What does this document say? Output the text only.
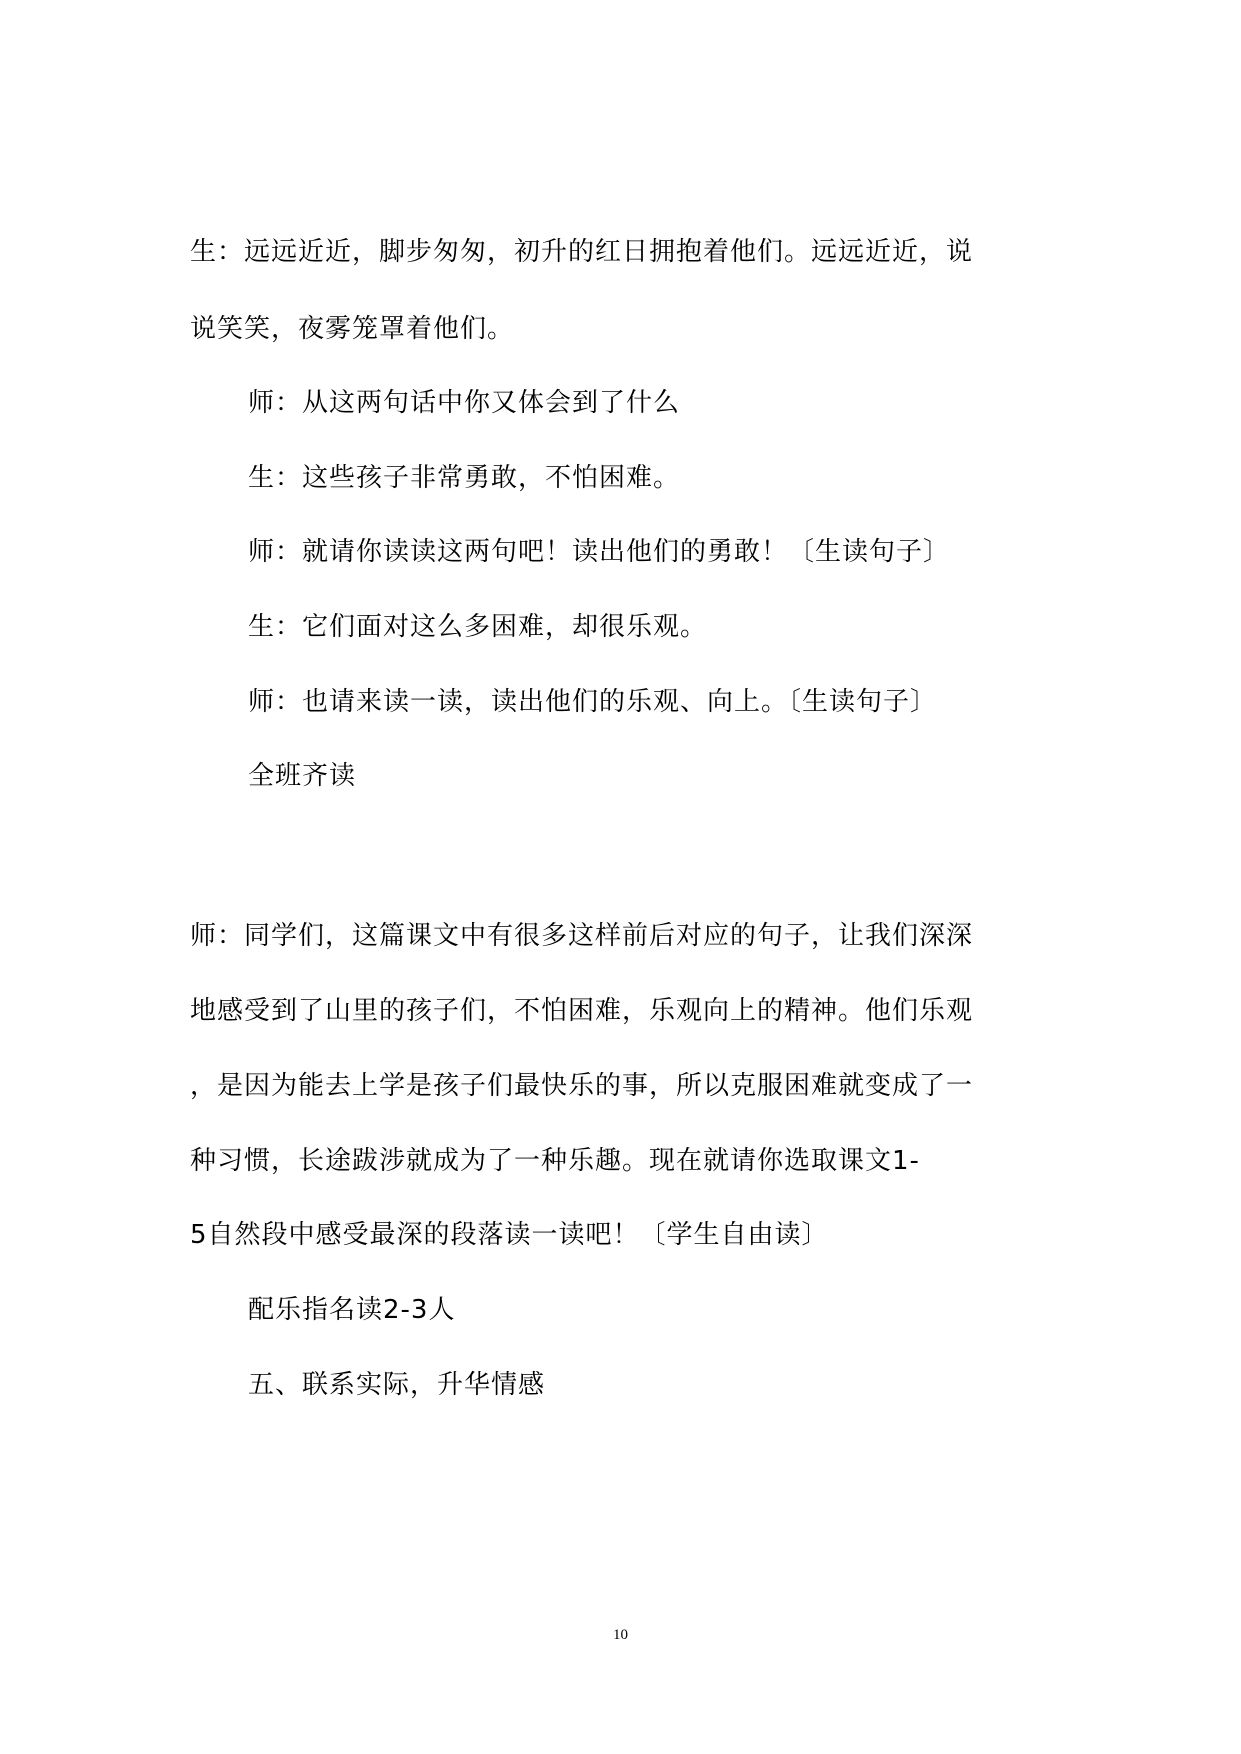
生：远远近近，脚步匆匆，初升的红日拥抱着他们。远远近近，说
说笑笑，夜雾笼罩着他们。
师：从这两句话中你又体会到了什么
生：这些孩子非常勇敢，不怕困难。
师：就请你读读这两句吧！读出他们的勇敢！〔生读句子〕
生：它们面对这么多困难，却很乐观。
师：也请来读一读，读出他们的乐观、向上。〔生读句子〕
全班齐读
师：同学们，这篇课文中有很多这样前后对应的句子，让我们深深
地感受到了山里的孩子们，不怕困难，乐观向上的精神。他们乐观
，是因为能去上学是孩子们最快乐的事，所以克服困难就变成了一
种习惯，长途跋涉就成为了一种乐趣。现在就请你选取课文1-
5自然段中感受最深的段落读一读吧！〔学生自由读〕
配乐指名读2-3人
五、联系实际，升华情感
10
